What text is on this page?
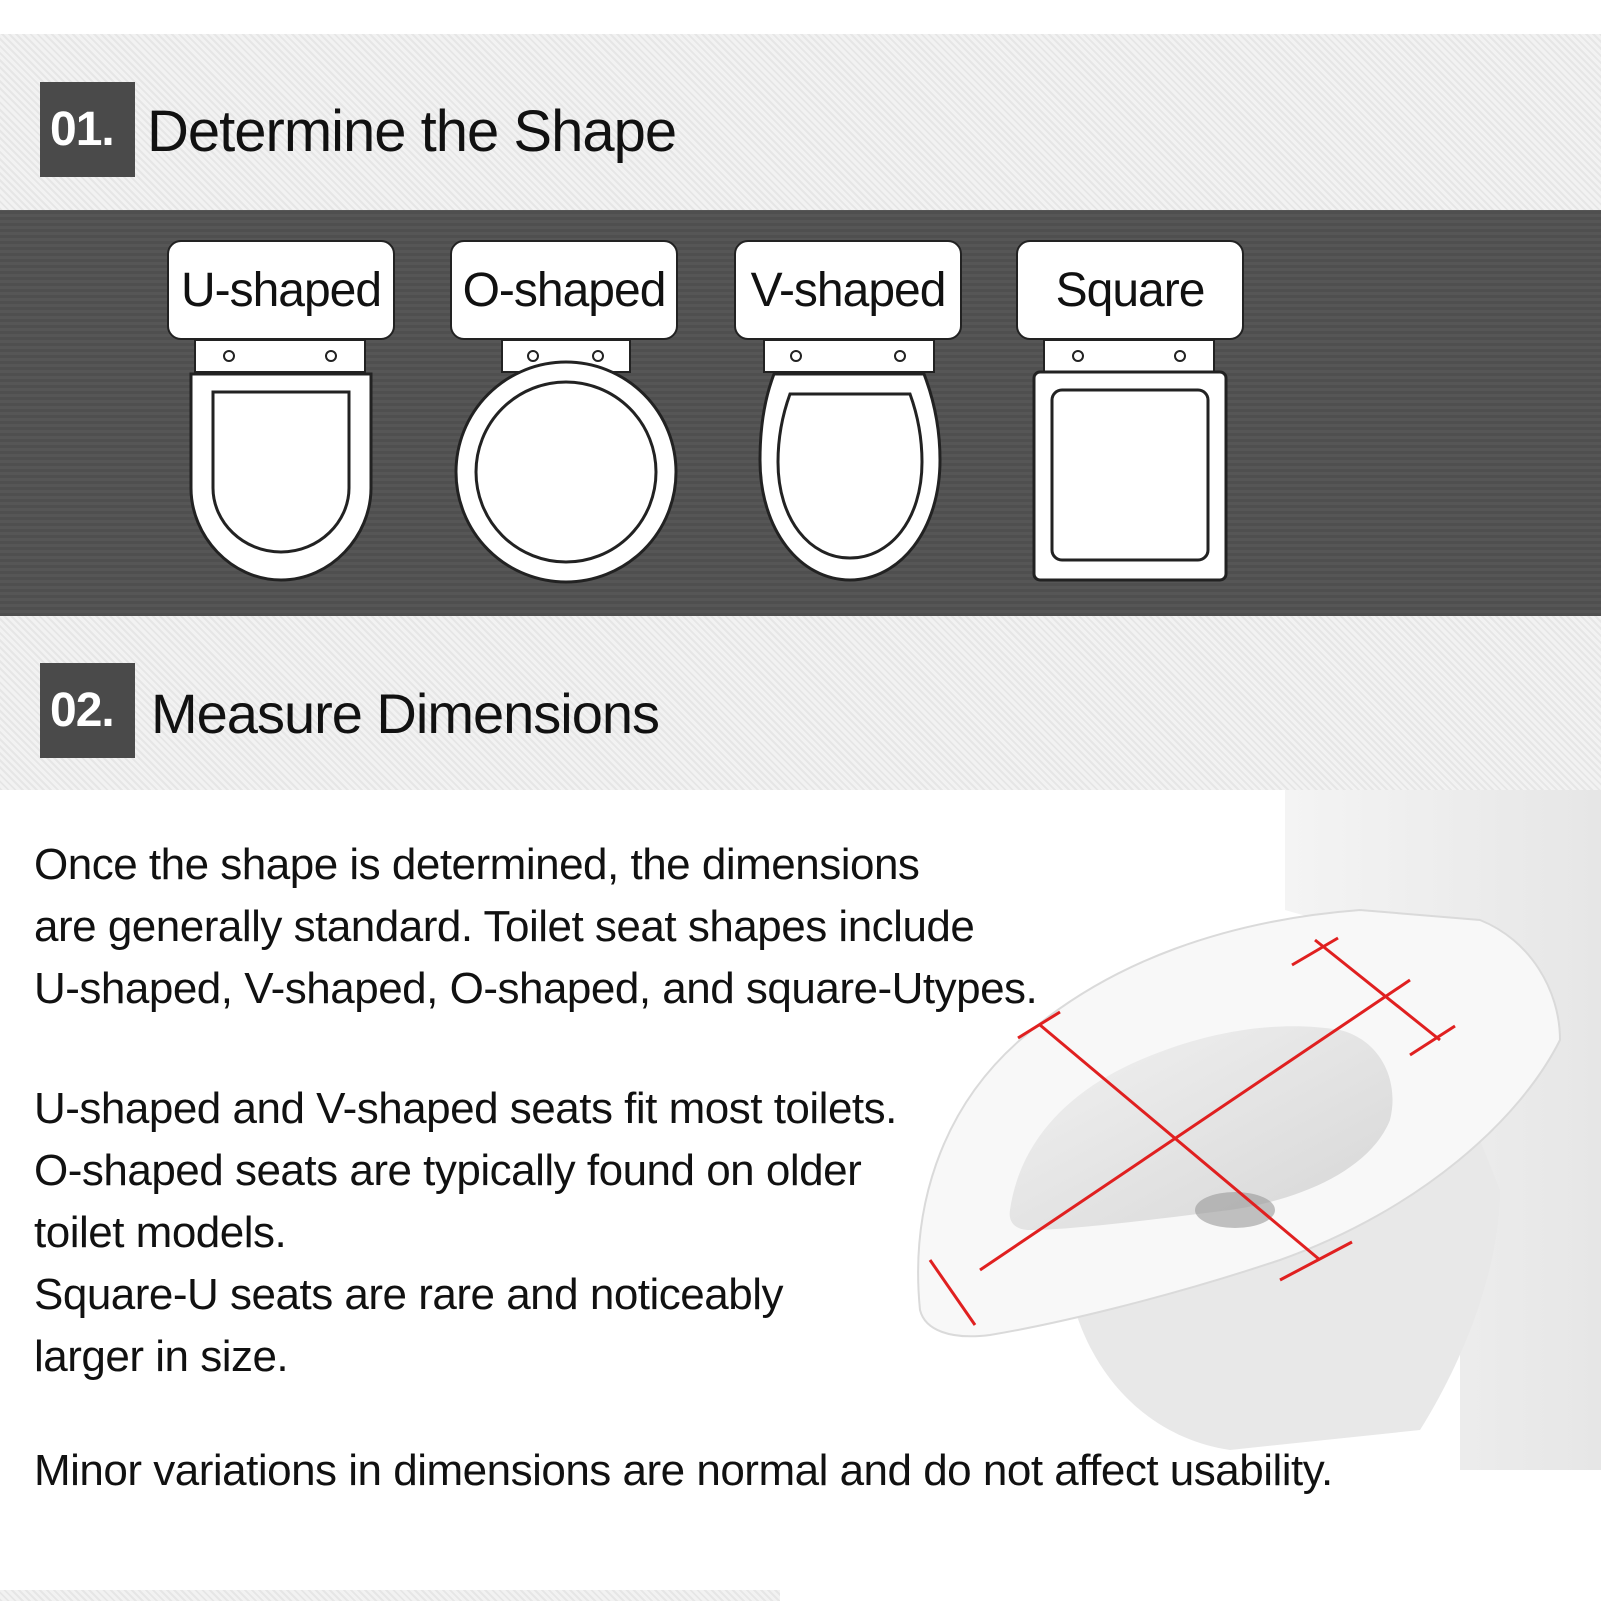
01. Determine the Shape
U-shaped O-shaped	V-shaped	Square
02. Measure Dimensions
Once the shape is determined, the dimensions
are generally standard. Toilet seat shapes include
U-shaped, V-shaped, O-shaped, and square-Utypes.
U-shaped and V-shaped seats fit most toilets.
O-shaped seats are typically found on older
toilet models.
Square-U seats are rare and noticeably
larger in size.
Minor variations in dimensions are normal and do not affect usability.
